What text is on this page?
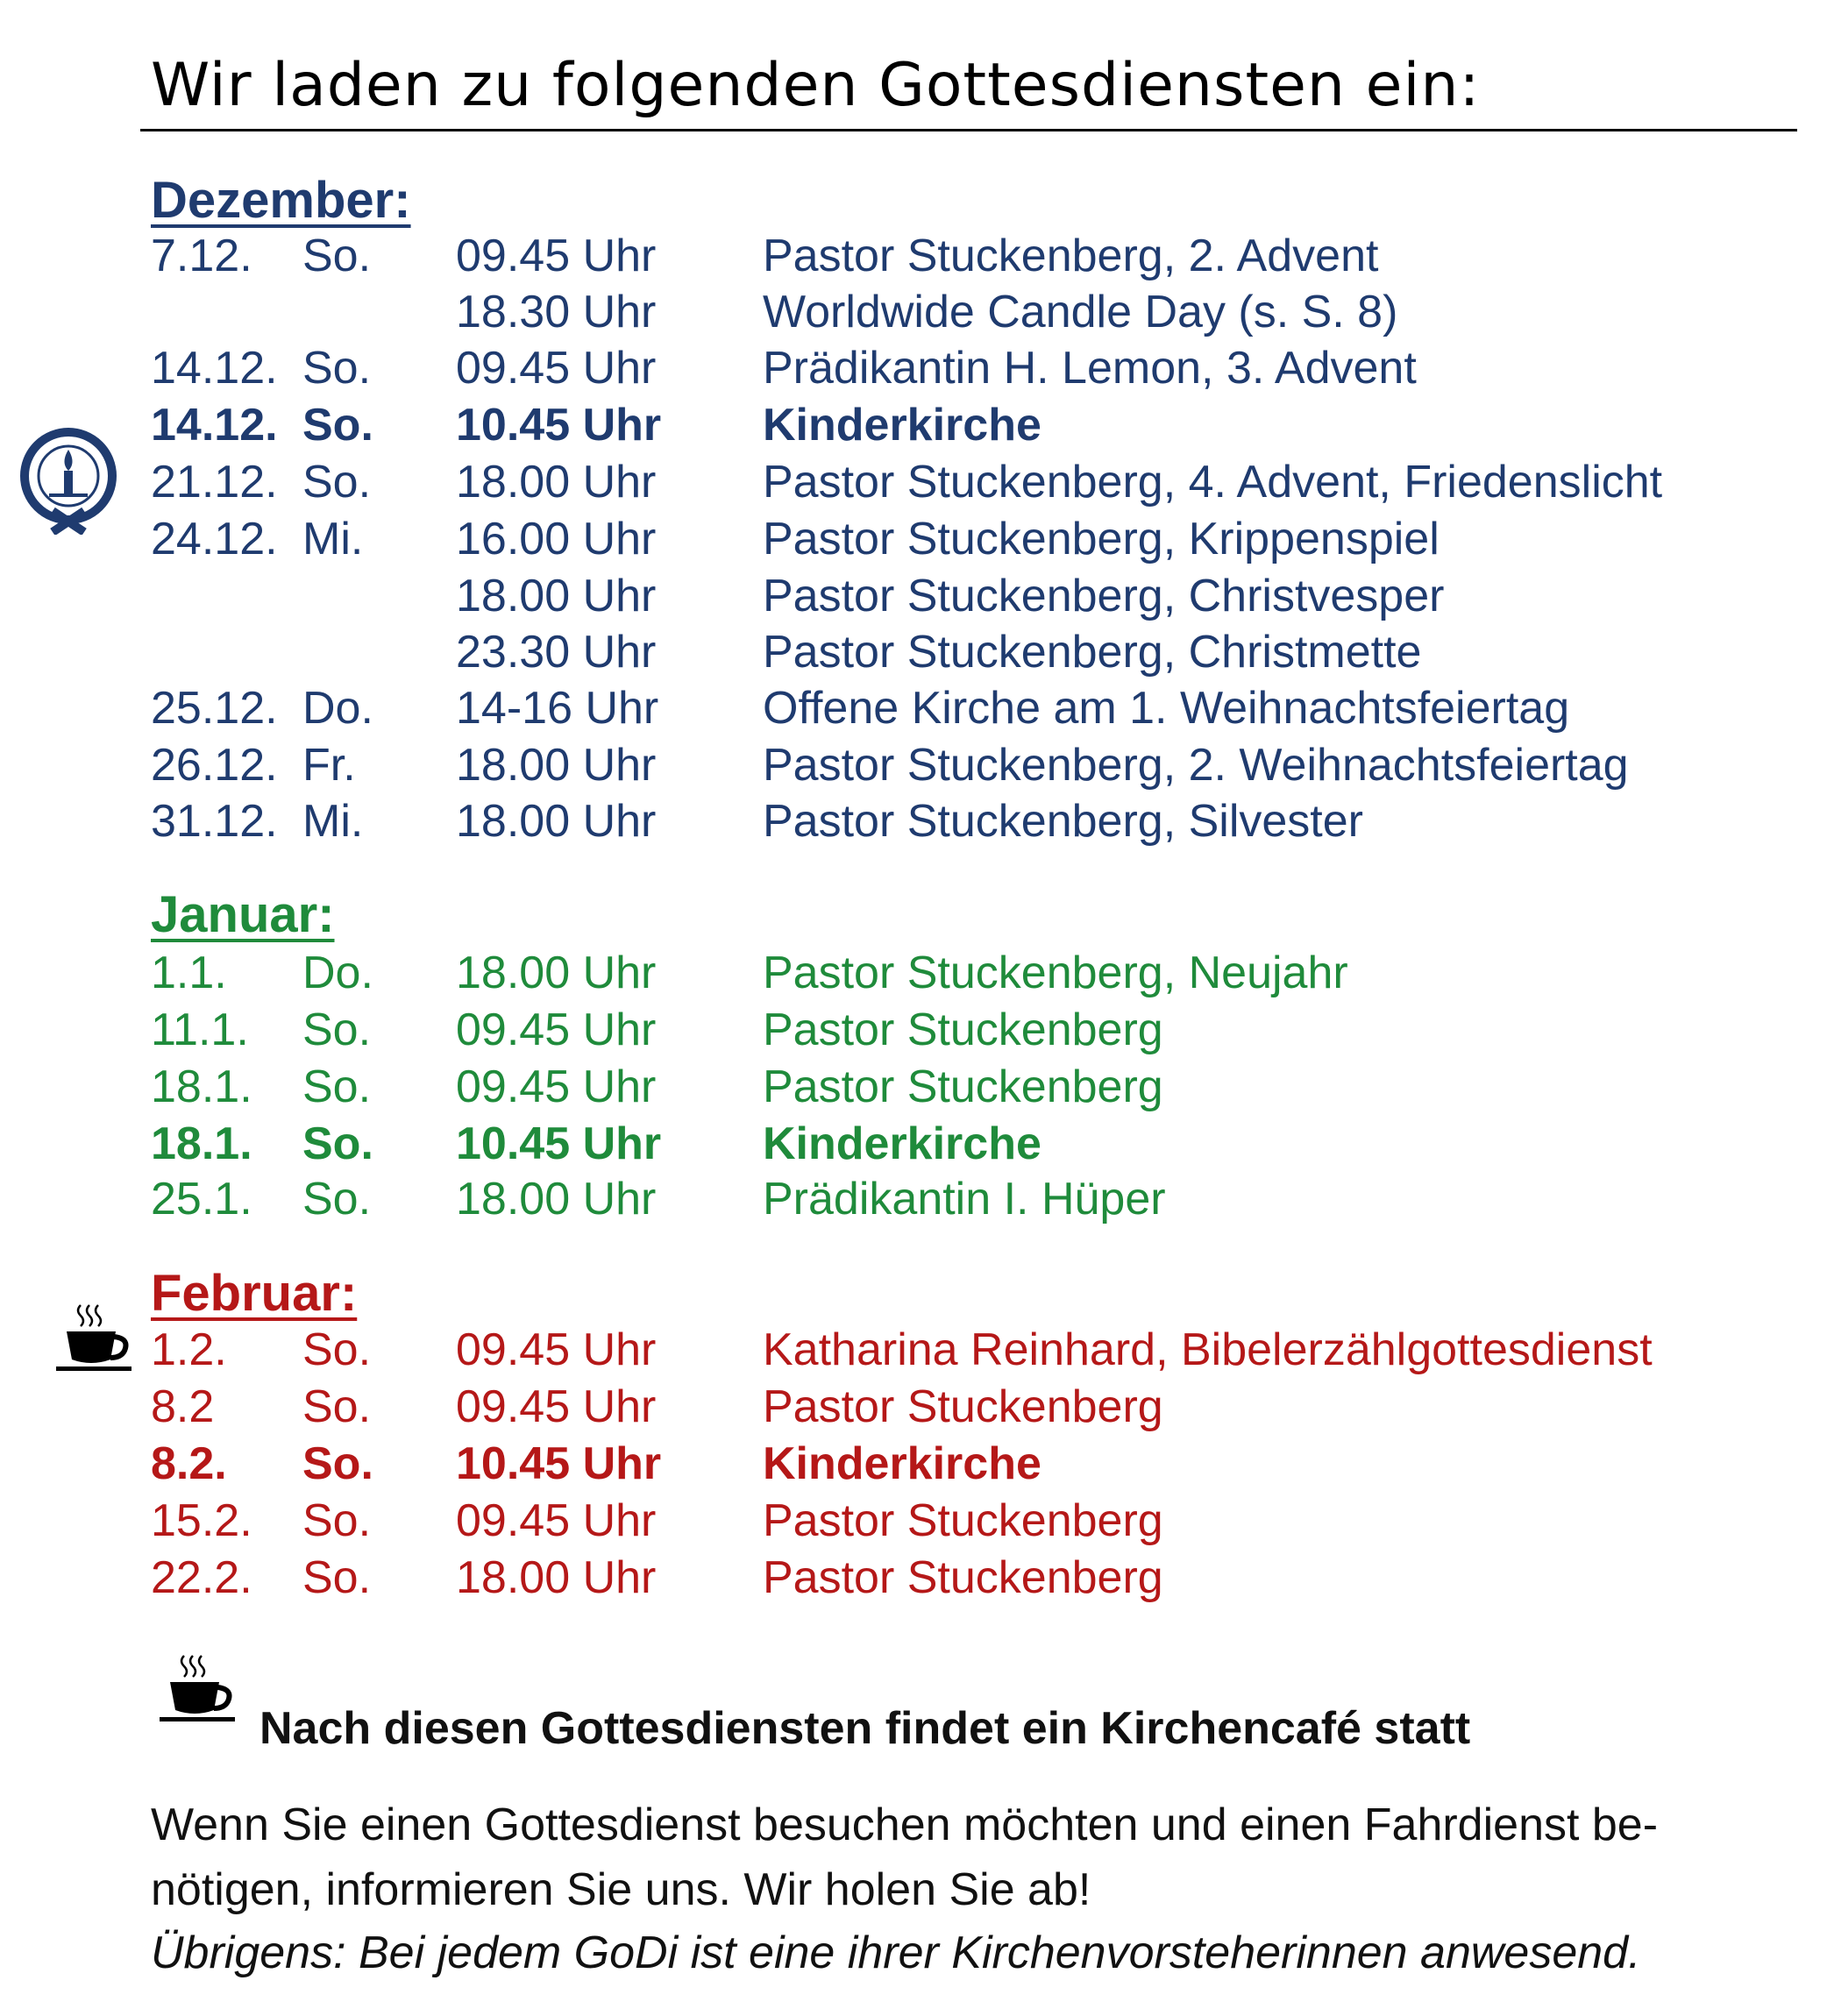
Wir laden zu folgenden Gottesdiensten ein:
Dezember:
7.12. So. 09.45 Uhr Pastor Stuckenberg, 2. Advent
18.30 Uhr Worldwide Candle Day (s. S. 8)
14.12. So. 09.45 Uhr Prädikantin H. Lemon, 3. Advent
14.12. So. 10.45 Uhr Kinderkirche
21.12. So. 18.00 Uhr Pastor Stuckenberg, 4. Advent, Friedenslicht
24.12. Mi. 16.00 Uhr Pastor Stuckenberg, Krippenspiel
18.00 Uhr Pastor Stuckenberg, Christvesper
23.30 Uhr Pastor Stuckenberg, Christmette
25.12. Do. 14-16 Uhr Offene Kirche am 1. Weihnachtsfeiertag
26.12. Fr. 18.00 Uhr Pastor Stuckenberg, 2. Weihnachtsfeiertag
31.12. Mi. 18.00 Uhr Pastor Stuckenberg, Silvester
Januar:
1.1. Do. 18.00 Uhr Pastor Stuckenberg, Neujahr
11.1. So. 09.45 Uhr Pastor Stuckenberg
18.1. So. 09.45 Uhr Pastor Stuckenberg
18.1. So. 10.45 Uhr Kinderkirche
25.1. So. 18.00 Uhr Prädikantin I. Hüper
Februar:
1.2. So. 09.45 Uhr Katharina Reinhard, Bibelerzählgottesdienst
8.2 So. 09.45 Uhr Pastor Stuckenberg
8.2. So. 10.45 Uhr Kinderkirche
15.2. So. 09.45 Uhr Pastor Stuckenberg
22.2. So. 18.00 Uhr Pastor Stuckenberg
Nach diesen Gottesdiensten findet ein Kirchencafé statt
Wenn Sie einen Gottesdienst besuchen möchten und einen Fahrdienst be-
nötigen, informieren Sie uns. Wir holen Sie ab!
Übrigens: Bei jedem GoDi ist eine ihrer Kirchenvorsteherinnen anwesend.
